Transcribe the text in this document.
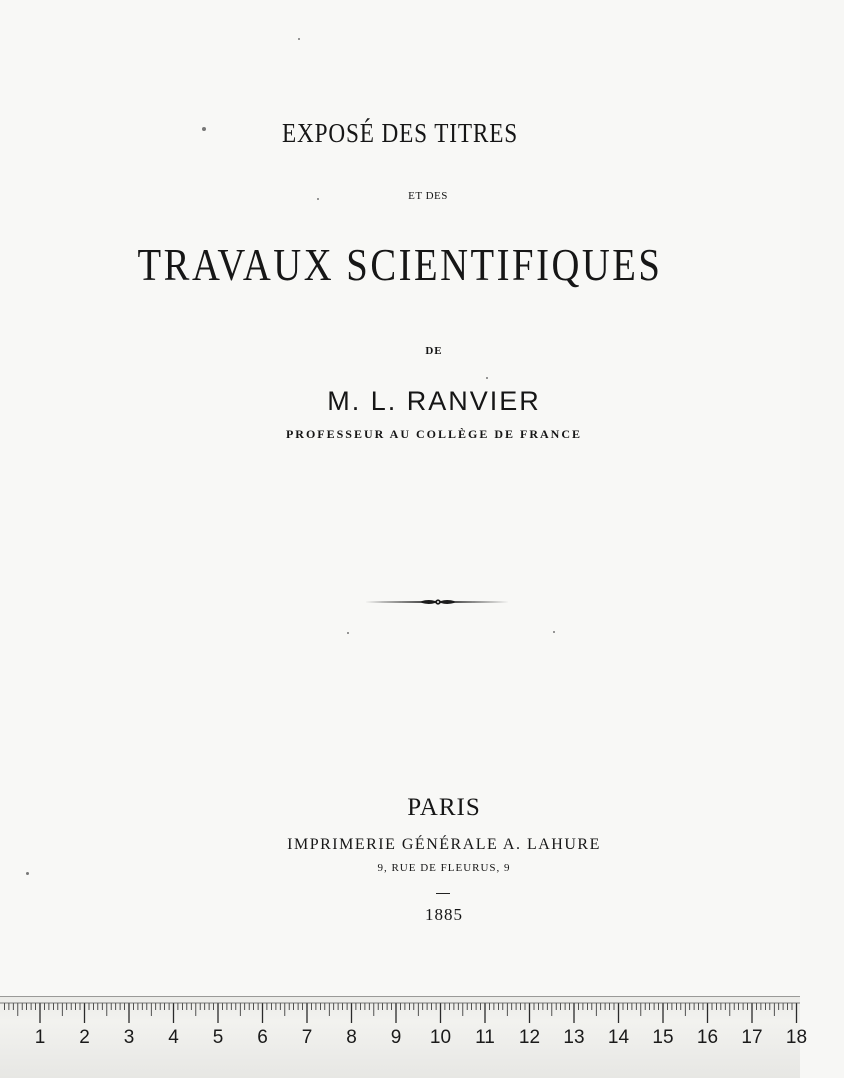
EXPOSÉ DES TITRES
ET DES
TRAVAUX SCIENTIFIQUES
DE
M. L. RANVIER
PROFESSEUR AU COLLÈGE DE FRANCE
PARIS
IMPRIMERIE GÉNÉRALE A. LAHURE
9, RUE DE FLEURUS, 9
1885
1 2 3 4 5 6 7 8 9 10 11 12 13 14 15 16 17 18
